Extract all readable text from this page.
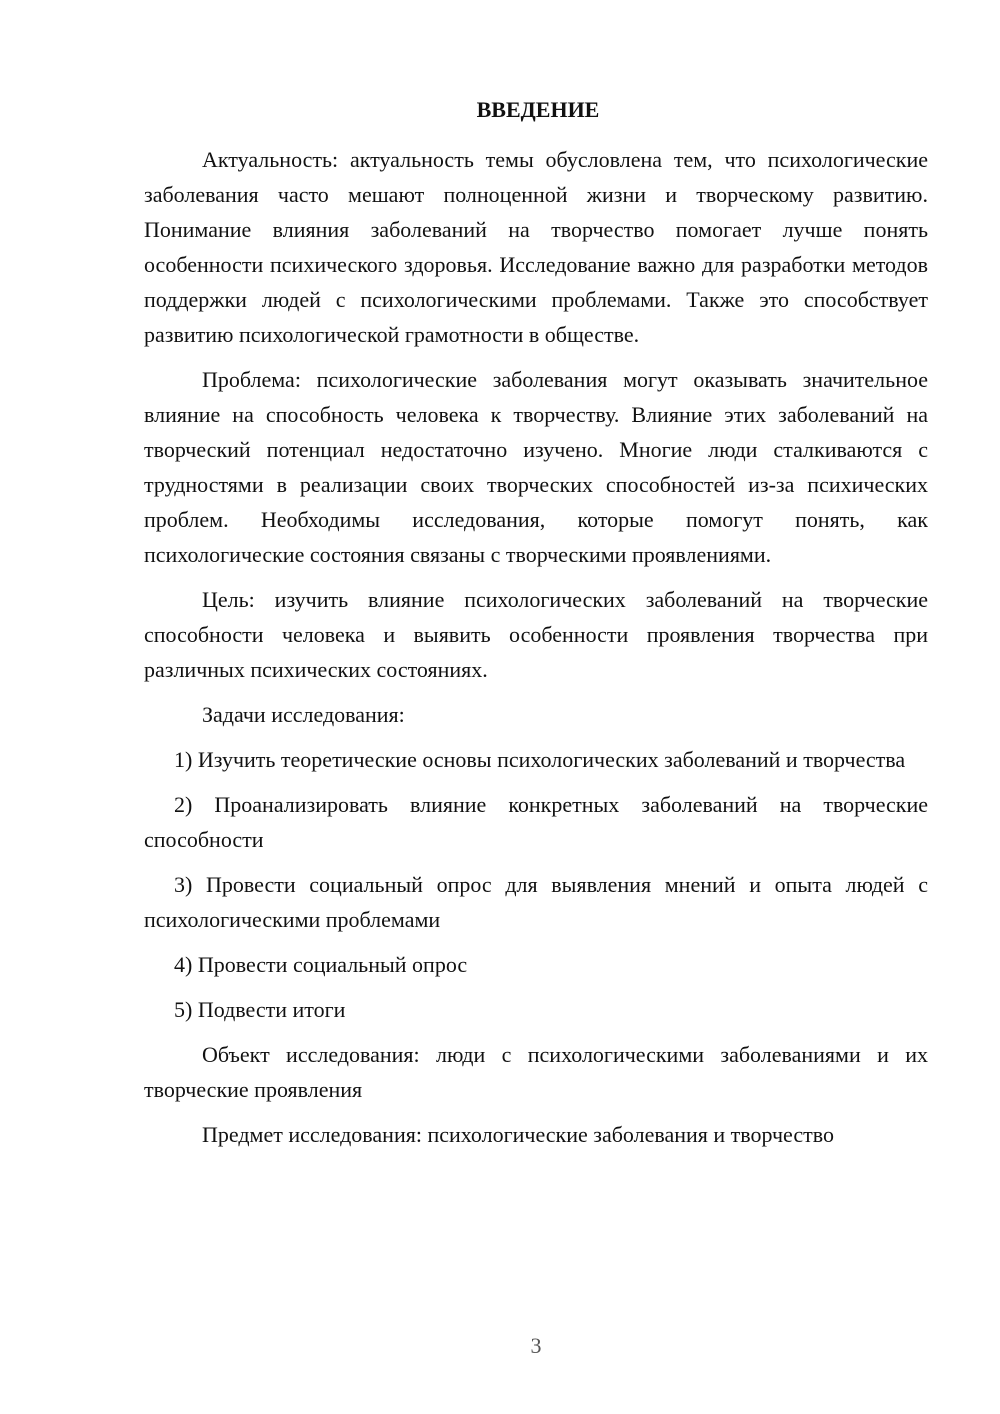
ВВЕДЕНИЕ

Актуальность: актуальность темы обусловлена тем, что психологические заболевания часто мешают полноценной жизни и творческому развитию. Понимание влияния заболеваний на творчество помогает лучше понять особенности психического здоровья. Исследование важно для разработки методов поддержки людей с психологическими проблемами. Также это способствует развитию психологической грамотности в обществе.

Проблема: психологические заболевания могут оказывать значительное влияние на способность человека к творчеству. Влияние этих заболеваний на творческий потенциал недостаточно изучено. Многие люди сталкиваются с трудностями в реализации своих творческих способностей из-за психических проблем. Необходимы исследования, которые помогут понять, как психологические состояния связаны с творческими проявлениями.

Цель: изучить влияние психологических заболеваний на творческие способности человека и выявить особенности проявления творчества при различных психических состояниях.

Задачи исследования:

1) Изучить теоретические основы психологических заболеваний и творчества

2) Проанализировать влияние конкретных заболеваний на творческие способности

3) Провести социальный опрос для выявления мнений и опыта людей с психологическими проблемами

4) Провести социальный опрос

5) Подвести итоги

Объект исследования: люди с психологическими заболеваниями и их творческие проявления

Предмет исследования: психологические заболевания и творчество

3
